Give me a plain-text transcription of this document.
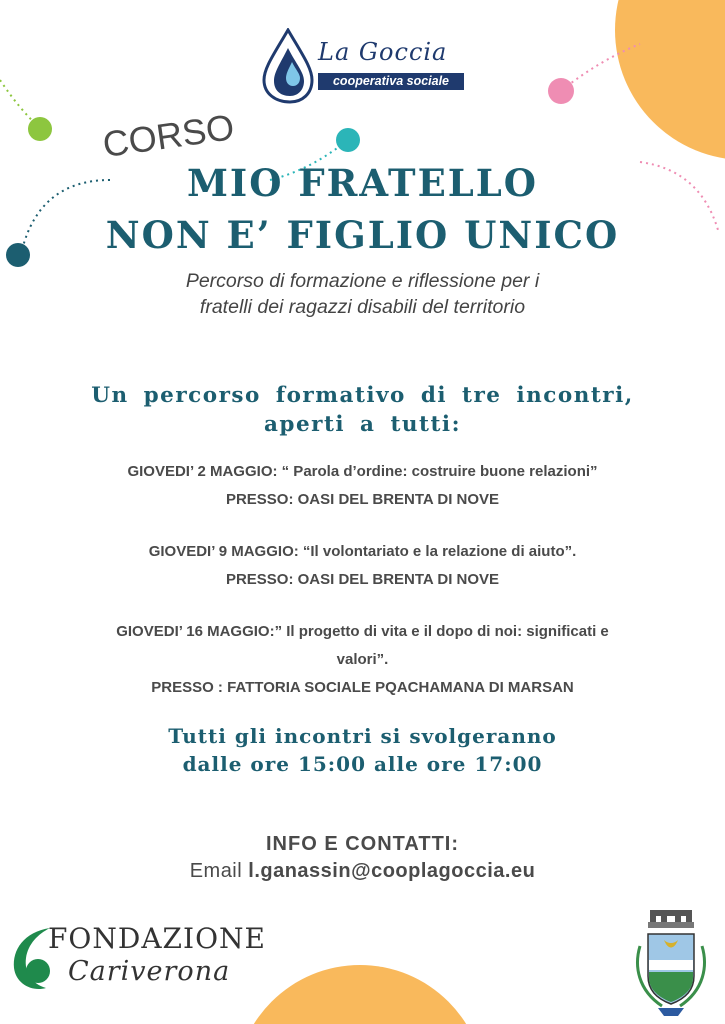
La Goccia
cooperativa sociale
CORSO
MIO FRATELLO
NON E’ FIGLIO UNICO
Percorso di formazione e riflessione per i
fratelli dei ragazzi disabili del territorio
Un percorso formativo di tre incontri,
aperti a tutti:
GIOVEDI’ 2 MAGGIO: “ Parola d’ordine: costruire buone relazioni”
PRESSO: OASI DEL BRENTA DI NOVE
GIOVEDI’ 9 MAGGIO: “Il volontariato e la relazione di aiuto”.
PRESSO: OASI DEL BRENTA DI NOVE
GIOVEDI’ 16 MAGGIO:” Il progetto di vita e il dopo di noi: significati e
valori”.
PRESSO : FATTORIA SOCIALE PQACHAMANA DI MARSAN
Tutti gli incontri si svolgeranno
dalle ore 15:00 alle ore 17:00
INFO E CONTATTI:
Email l.ganassin@cooplagoccia.eu
FONDAZIONE
Cariverona
